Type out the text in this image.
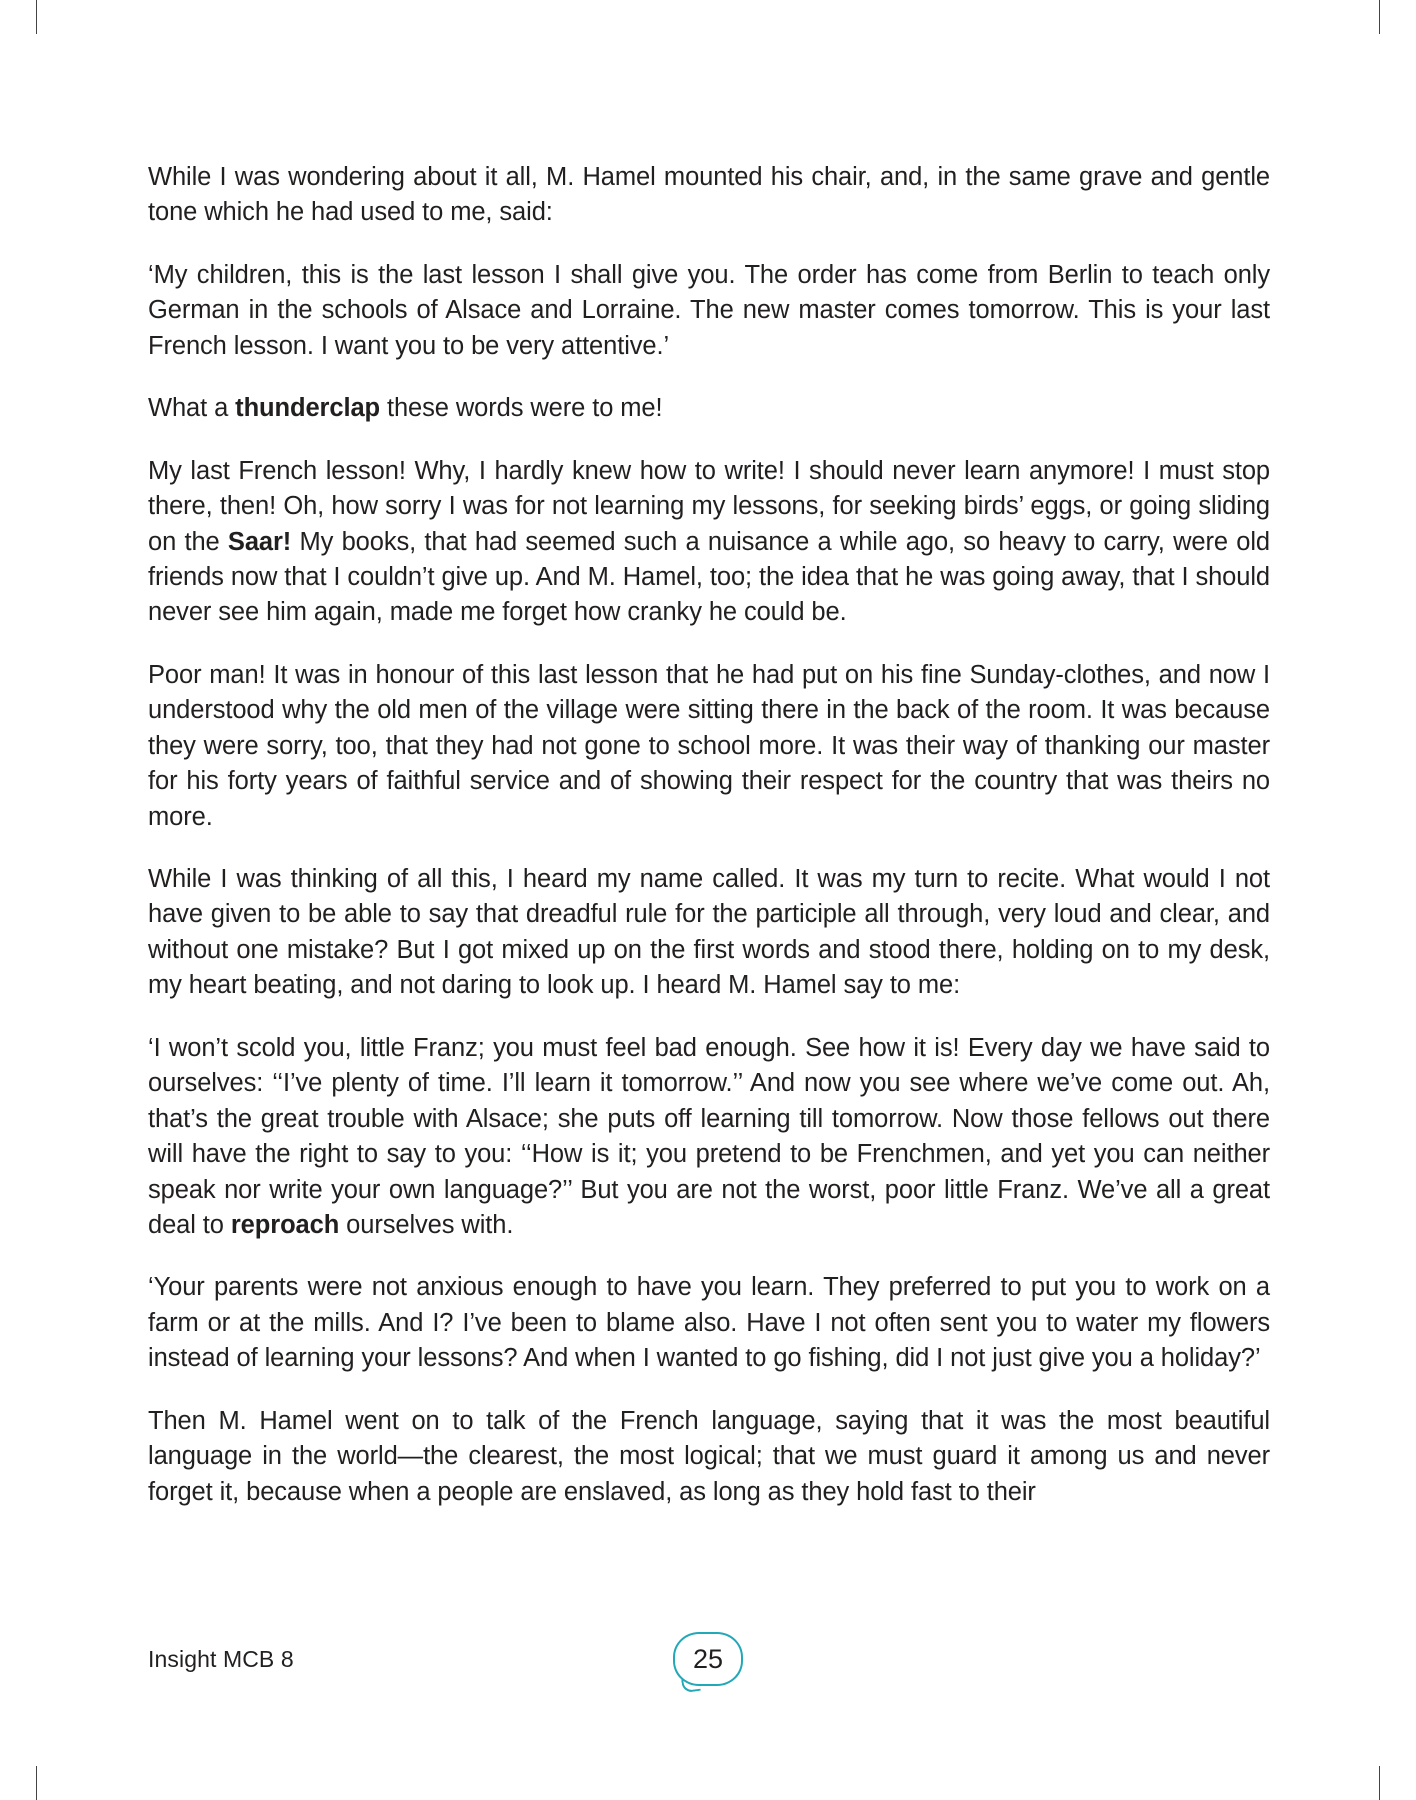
While I was wondering about it all, M. Hamel mounted his chair, and, in the same grave and gentle tone which he had used to me, said:

‘My children, this is the last lesson I shall give you. The order has come from Berlin to teach only German in the schools of Alsace and Lorraine. The new master comes tomorrow. This is your last French lesson. I want you to be very attentive.’

What a thunderclap these words were to me!

My last French lesson! Why, I hardly knew how to write! I should never learn anymore! I must stop there, then! Oh, how sorry I was for not learning my lessons, for seeking birds’ eggs, or going sliding on the Saar! My books, that had seemed such a nuisance a while ago, so heavy to carry, were old friends now that I couldn’t give up. And M. Hamel, too; the idea that he was going away, that I should never see him again, made me forget how cranky he could be.

Poor man! It was in honour of this last lesson that he had put on his fine Sunday-clothes, and now I understood why the old men of the village were sitting there in the back of the room. It was because they were sorry, too, that they had not gone to school more. It was their way of thanking our master for his forty years of faithful service and of showing their respect for the country that was theirs no more.

While I was thinking of all this, I heard my name called. It was my turn to recite. What would I not have given to be able to say that dreadful rule for the participle all through, very loud and clear, and without one mistake? But I got mixed up on the first words and stood there, holding on to my desk, my heart beating, and not daring to look up. I heard M. Hamel say to me:

‘I won’t scold you, little Franz; you must feel bad enough. See how it is! Every day we have said to ourselves: ‘‘I’ve plenty of time. I’ll learn it tomorrow.’’ And now you see where we’ve come out. Ah, that’s the great trouble with Alsace; she puts off learning till tomorrow. Now those fellows out there will have the right to say to you: ‘‘How is it; you pretend to be Frenchmen, and yet you can neither speak nor write your own language?’’ But you are not the worst, poor little Franz. We’ve all a great deal to reproach ourselves with.

‘Your parents were not anxious enough to have you learn. They preferred to put you to work on a farm or at the mills. And I? I’ve been to blame also. Have I not often sent you to water my flowers instead of learning your lessons? And when I wanted to go fishing, did I not just give you a holiday?’

Then M. Hamel went on to talk of the French language, saying that it was the most beautiful language in the world—the clearest, the most logical; that we must guard it among us and never forget it, because when a people are enslaved, as long as they hold fast to their

Insight MCB 8	25
